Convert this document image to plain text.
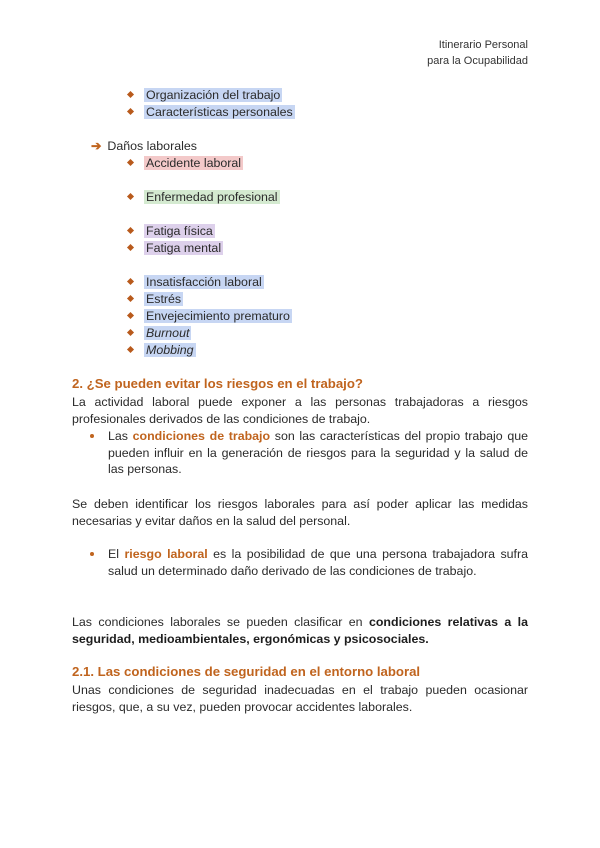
Itinerario Personal
para la Ocupabilidad
Organización del trabajo
Características personales
➔ Daños laborales
Accidente laboral
Enfermedad profesional
Fatiga física
Fatiga mental
Insatisfacción laboral
Estrés
Envejecimiento prematuro
Burnout
Mobbing
2. ¿Se pueden evitar los riesgos en el trabajo?
La actividad laboral puede exponer a las personas trabajadoras a riesgos profesionales derivados de las condiciones de trabajo.
Las condiciones de trabajo son las características del propio trabajo que pueden influir en la generación de riesgos para la seguridad y la salud de las personas.
Se deben identificar los riesgos laborales para así poder aplicar las medidas necesarias y evitar daños en la salud del personal.
El riesgo laboral es la posibilidad de que una persona trabajadora sufra salud un determinado daño derivado de las condiciones de trabajo.
Las condiciones laborales se pueden clasificar en condiciones relativas a la seguridad, medioambientales, ergonómicas y psicosociales.
2.1. Las condiciones de seguridad en el entorno laboral
Unas condiciones de seguridad inadecuadas en el trabajo pueden ocasionar riesgos, que, a su vez, pueden provocar accidentes laborales.
